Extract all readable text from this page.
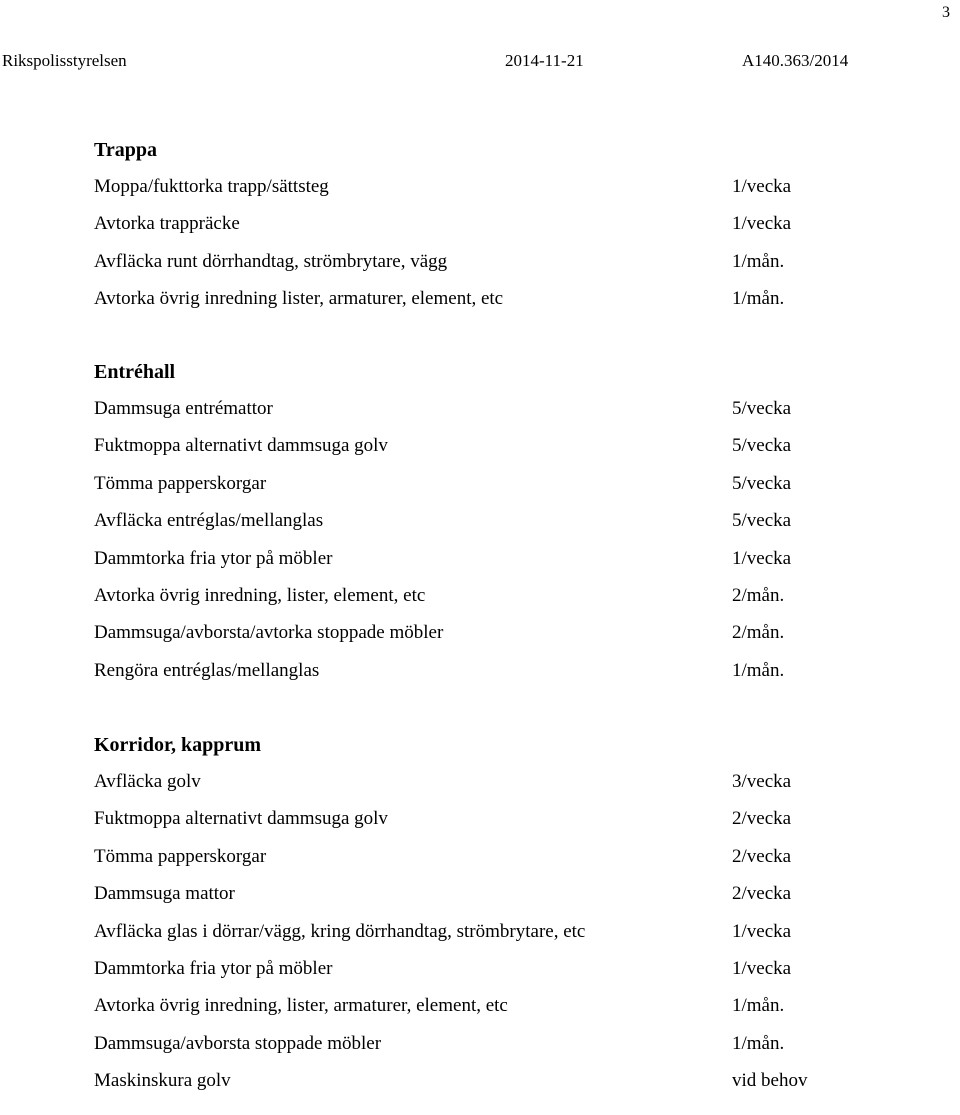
3
Rikspolisstyrelsen	2014-11-21	A140.363/2014
Trappa
Moppa/fukttorka trapp/sättsteg	1/vecka
Avtorka trappräcke	1/vecka
Avfläcka runt dörrhandtag, strömbrytare, vägg	1/mån.
Avtorka övrig inredning lister, armaturer, element, etc	1/mån.
Entréhall
Dammsuga entrémattor	5/vecka
Fuktmoppa alternativt dammsuga golv	5/vecka
Tömma papperskorgar	5/vecka
Avfläcka entréglas/mellanglas	5/vecka
Dammtorka fria ytor på möbler	1/vecka
Avtorka övrig inredning, lister, element, etc	2/mån.
Dammsuga/avborsta/avtorka stoppade möbler	2/mån.
Rengöra entréglas/mellanglas	1/mån.
Korridor, kapprum
Avfläcka golv	3/vecka
Fuktmoppa alternativt dammsuga golv	2/vecka
Tömma papperskorgar	2/vecka
Dammsuga mattor	2/vecka
Avfläcka glas i dörrar/vägg, kring dörrhandtag, strömbrytare, etc	1/vecka
Dammtorka fria ytor på möbler	1/vecka
Avtorka övrig inredning, lister, armaturer, element, etc	1/mån.
Dammsuga/avborsta stoppade möbler	1/mån.
Maskinskura golv	vid behov
